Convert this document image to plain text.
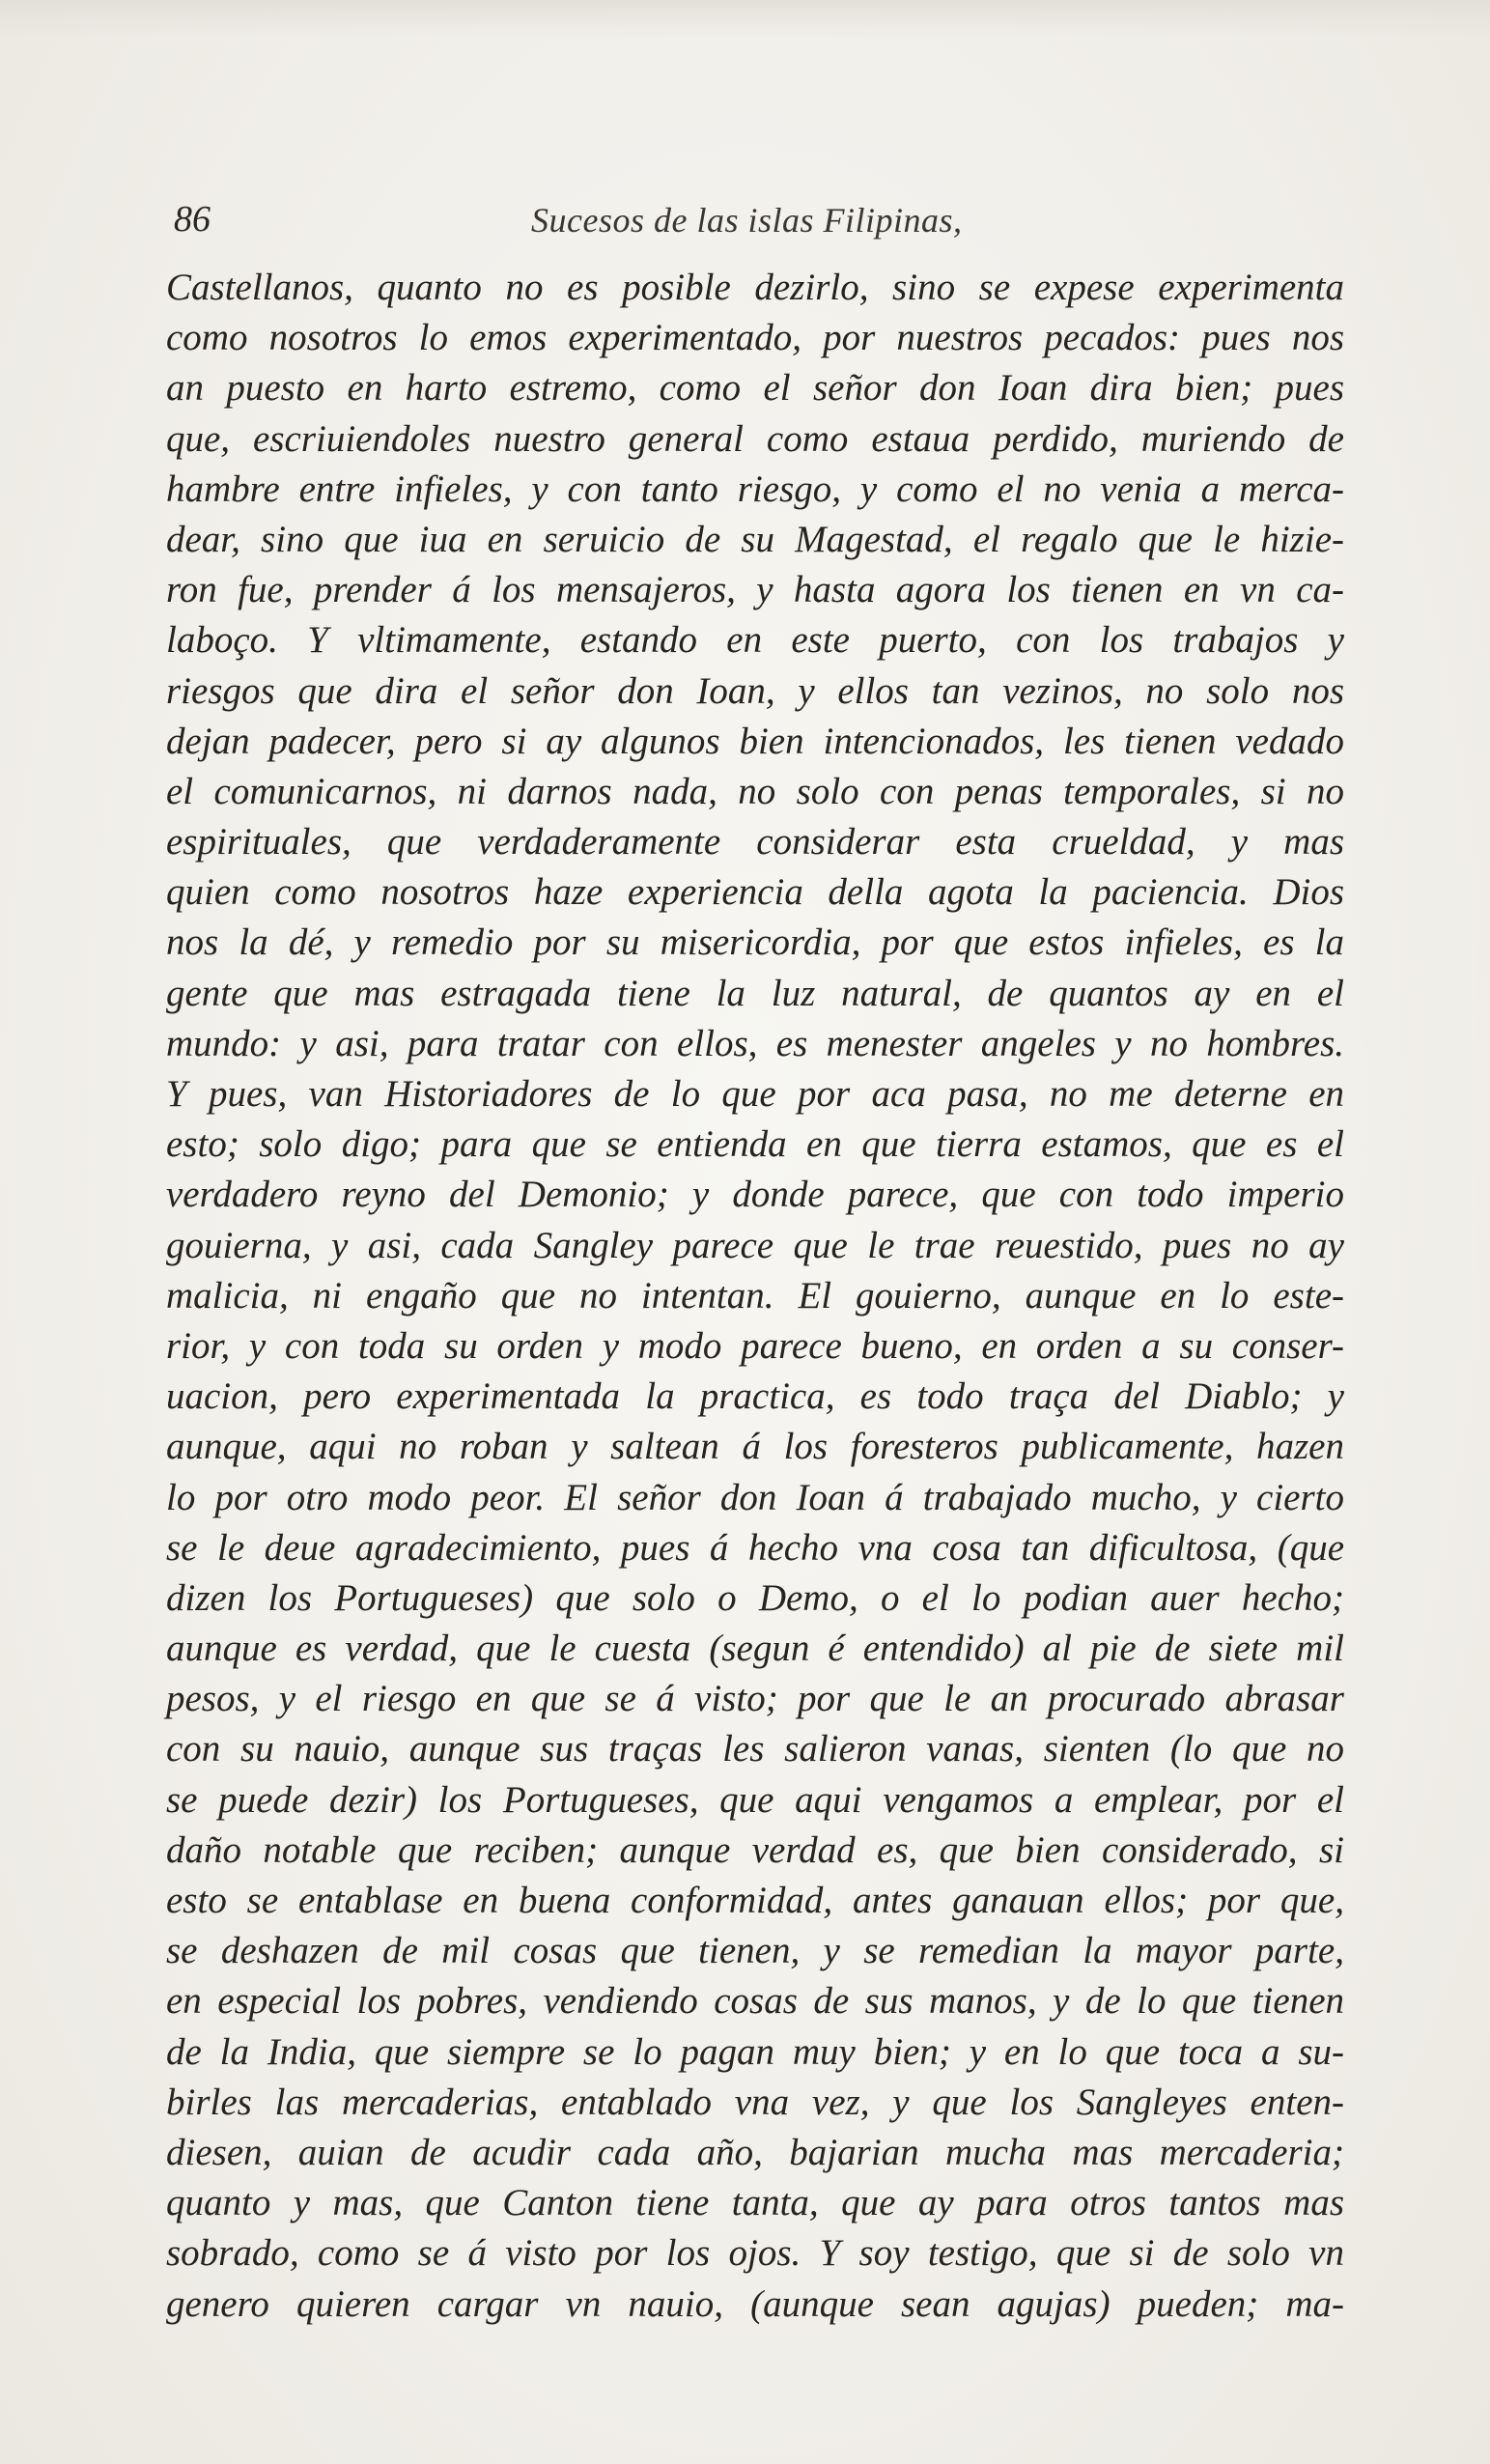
86	Sucesos de las islas Filipinas,
Castellanos, quanto no es posible dezirlo, sino se expese experimenta
como nosotros lo emos experimentado, por nuestros pecados: pues nos
an puesto en harto estremo, como el señor don Ioan dira bien; pues
que, escriuiendoles nuestro general como estaua perdido, muriendo de
hambre entre infieles, y con tanto riesgo, y como el no venia a merca-
dear, sino que iua en seruicio de su Magestad, el regalo que le hizie-
ron fue, prender á los mensajeros, y hasta agora los tienen en vn ca-
laboço. Y vltimamente, estando en este puerto, con los trabajos y
riesgos que dira el señor don Ioan, y ellos tan vezinos, no solo nos
dejan padecer, pero si ay algunos bien intencionados, les tienen vedado
el comunicarnos, ni darnos nada, no solo con penas temporales, si no
espirituales, que verdaderamente considerar esta crueldad, y mas
quien como nosotros haze experiencia della agota la paciencia. Dios
nos la dé, y remedio por su misericordia, por que estos infieles, es la
gente que mas estragada tiene la luz natural, de quantos ay en el
mundo: y asi, para tratar con ellos, es menester angeles y no hombres.
Y pues, van Historiadores de lo que por aca pasa, no me deterne en
esto; solo digo; para que se entienda en que tierra estamos, que es el
verdadero reyno del Demonio; y donde parece, que con todo imperio
gouierna, y asi, cada Sangley parece que le trae reuestido, pues no ay
malicia, ni engaño que no intentan. El gouierno, aunque en lo este-
rior, y con toda su orden y modo parece bueno, en orden a su conser-
uacion, pero experimentada la practica, es todo traça del Diablo; y
aunque, aqui no roban y saltean á los foresteros publicamente, hazen
lo por otro modo peor. El señor don Ioan á trabajado mucho, y cierto
se le deue agradecimiento, pues á hecho vna cosa tan dificultosa, (que
dizen los Portugueses) que solo o Demo, o el lo podian auer hecho;
aunque es verdad, que le cuesta (segun é entendido) al pie de siete mil
pesos, y el riesgo en que se á visto; por que le an procurado abrasar
con su nauio, aunque sus traças les salieron vanas, sienten (lo que no
se puede dezir) los Portugueses, que aqui vengamos a emplear, por el
daño notable que reciben; aunque verdad es, que bien considerado, si
esto se entablase en buena conformidad, antes ganauan ellos; por que,
se deshazen de mil cosas que tienen, y se remedian la mayor parte,
en especial los pobres, vendiendo cosas de sus manos, y de lo que tienen
de la India, que siempre se lo pagan muy bien; y en lo que toca a su-
birles las mercaderias, entablado vna vez, y que los Sangleyes enten-
diesen, auian de acudir cada año, bajarian mucha mas mercaderia;
quanto y mas, que Canton tiene tanta, que ay para otros tantos mas
sobrado, como se á visto por los ojos. Y soy testigo, que si de solo vn
genero quieren cargar vn nauio, (aunque sean agujas) pueden; ma-
